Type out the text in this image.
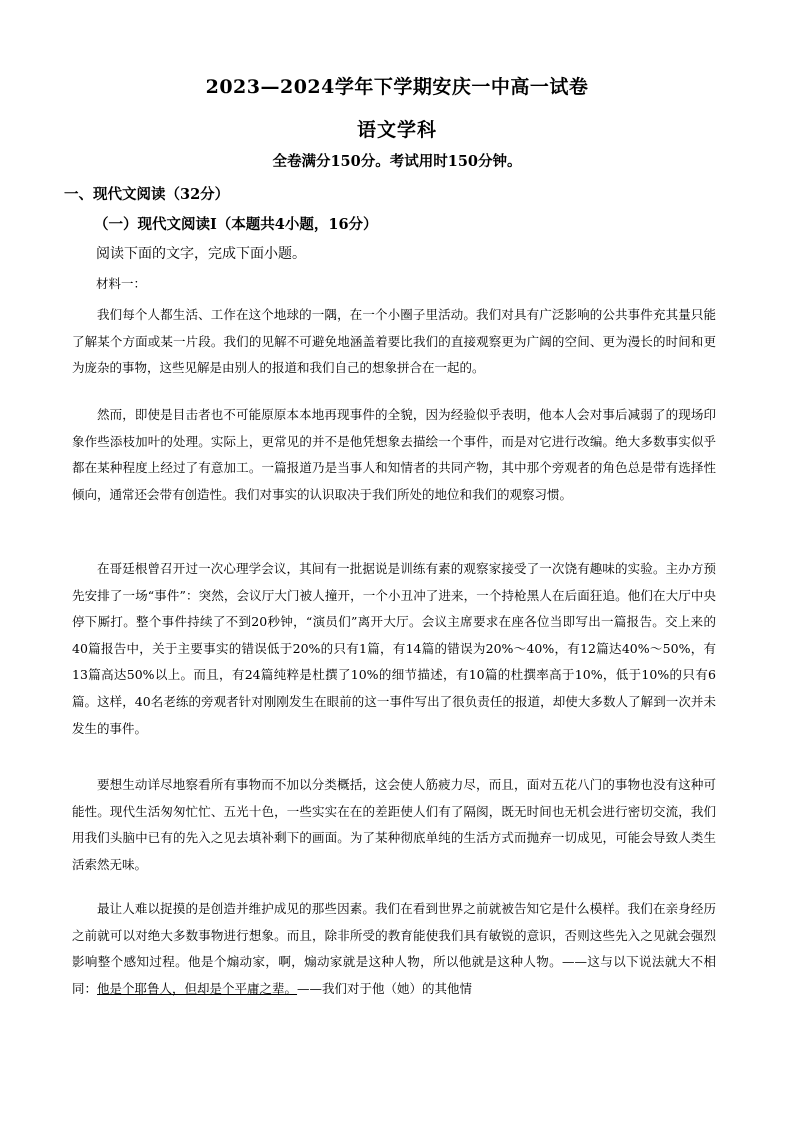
2023—2024学年下学期安庆一中高一试卷
语文学科
全卷满分150分。考试用时150分钟。
一、现代文阅读（32分）
（一）现代文阅读Ⅰ（本题共4小题，16分）
阅读下面的文字，完成下面小题。
材料一：
我们每个人都生活、工作在这个地球的一隅，在一个小圈子里活动。我们对具有广泛影响的公共事件充其量只能了解某个方面或某一片段。我们的见解不可避免地涵盖着要比我们的直接观察更为广阔的空间、更为漫长的时间和更为庞杂的事物，这些见解是由别人的报道和我们自己的想象拼合在一起的。
然而，即使是目击者也不可能原原本本地再现事件的全貌，因为经验似乎表明，他本人会对事后减弱了的现场印象作些添枝加叶的处理。实际上，更常见的并不是他凭想象去描绘一个事件，而是对它进行改编。绝大多数事实似乎都在某种程度上经过了有意加工。一篇报道乃是当事人和知情者的共同产物，其中那个旁观者的角色总是带有选择性倾向，通常还会带有创造性。我们对事实的认识取决于我们所处的地位和我们的观察习惯。
在哥廷根曾召开过一次心理学会议，其间有一批据说是训练有素的观察家接受了一次饶有趣味的实验。主办方预先安排了一场“事件”：突然，会议厅大门被人撞开，一个小丑冲了进来，一个持枪黑人在后面狂追。他们在大厅中央停下厮打。整个事件持续了不到20秒钟，“演员们”离开大厅。会议主席要求在座各位当即写出一篇报告。交上来的40篇报告中，关于主要事实的错误低于20%的只有1篇，有14篇的错误为20%～40%，有12篇达40%～50%，有13篇高达50%以上。而且，有24篇纯粹是杜撰了10%的细节描述，有10篇的杜撰率高于10%，低于10%的只有6篇。这样，40名老练的旁观者针对刚刚发生在眼前的这一事件写出了很负责任的报道，却使大多数人了解到一次并未发生的事件。
要想生动详尽地察看所有事物而不加以分类概括，这会使人筋疲力尽，而且，面对五花八门的事物也没有这种可能性。现代生活匆匆忙忙、五光十色，一些实实在在的差距使人们有了隔阂，既无时间也无机会进行密切交流，我们用我们头脑中已有的先入之见去填补剩下的画面。为了某种彻底单纯的生活方式而抛弃一切成见，可能会导致人类生活索然无味。
最让人难以捉摸的是创造并维护成见的那些因素。我们在看到世界之前就被告知它是什么模样。我们在亲身经历之前就可以对绝大多数事物进行想象。而且，除非所受的教育能使我们具有敏锐的意识，否则这些先入之见就会强烈影响整个感知过程。他是个煽动家，啊，煽动家就是这种人物，所以他就是这种人物。——这与以下说法就大不相同：他是个耶鲁人，但却是个平庸之辈。——我们对于他（她）的其他情
